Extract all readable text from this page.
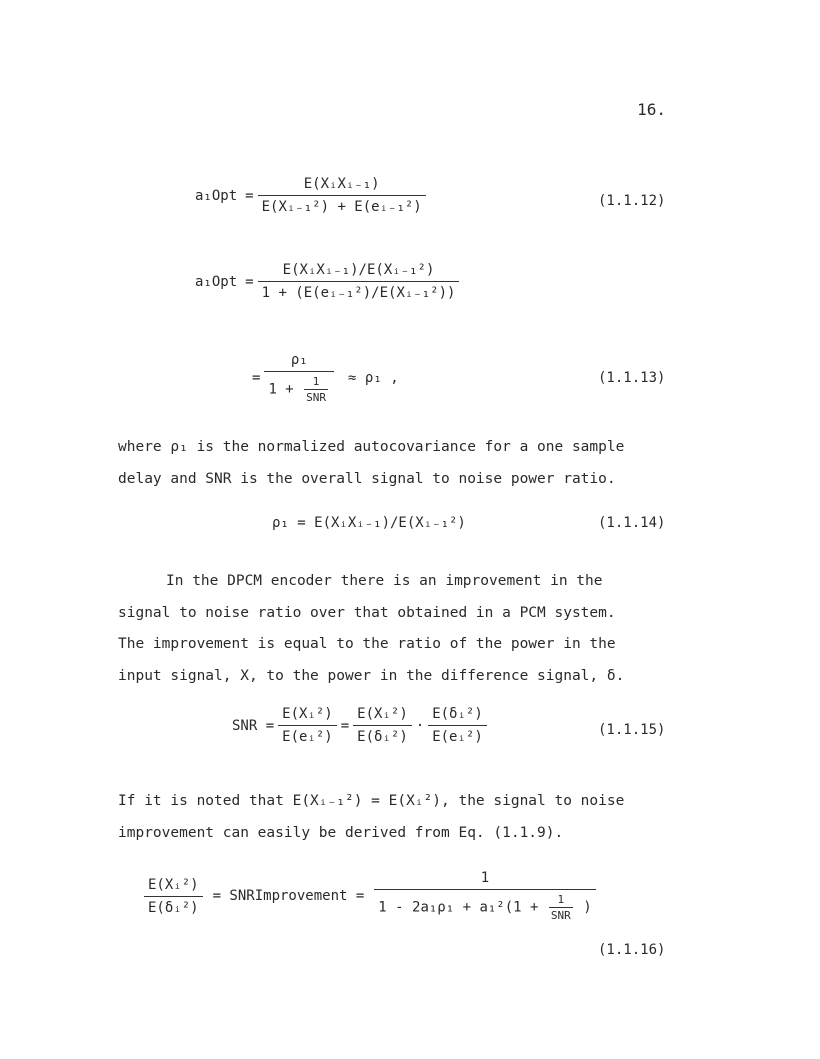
16.
$a_1Opt = \frac{\text{E(XᵢXᵢ₋₁)}}{\text{E(Xᵢ₋₁²) + E(eᵢ₋₁²)}}$	(1.1.12)
$a_1Opt = \frac{\text{E(XᵢXᵢ₋₁)/E(Xᵢ₋₁²)}}{\text{1 + (E(eᵢ₋₁²)/E(Xᵢ₋₁²))}}$
= $\frac{\text{ρ₁}}{1 + \frac{1}{\text{SNR}}} \approx \rho_1$ ,	(1.1.13)
where ρ₁ is the normalized autocovariance for a one sample
delay and SNR is the overall signal to noise power ratio.
ρ₁ = E(XᵢXᵢ₋₁)/E(Xᵢ₋₁²)	(1.1.14)
In the DPCM encoder there is an improvement in the
signal to noise ratio over that obtained in a PCM system.
The improvement is equal to the ratio of the power in the
input signal, X, to the power in the difference signal, δ.
SNR = $\frac{\text{E(Xᵢ²)}}{\text{E(eᵢ²)}} = \frac{\text{E(Xᵢ²)}}{\text{E(δᵢ²)}} \cdot \frac{\text{E(δᵢ²)}}{\text{E(eᵢ²)}}$	(1.1.15)
If it is noted that E(Xᵢ₋₁²) = E(Xᵢ²), the signal to noise
improvement can easily be derived from Eq. (1.1.9).
$\frac{\text{E(Xᵢ²)}}{\text{E(δᵢ²)}}$ = SNRImprovement =
1
$1 - 2a_1\rho_1 + a_1^2(1 + \frac{1}{\text{SNR}}$ )
(1.1.16)
